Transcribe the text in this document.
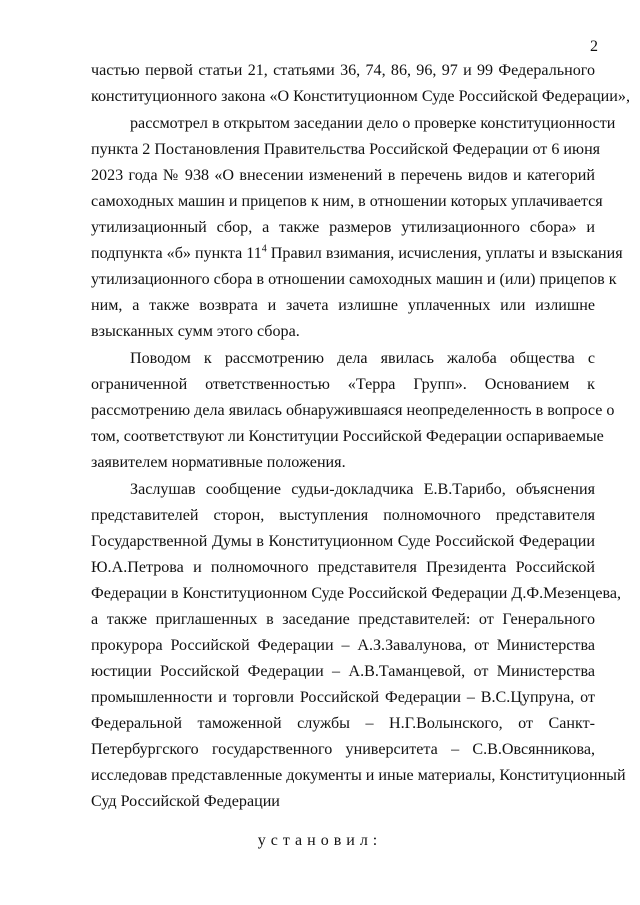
2
частью первой статьи 21, статьями 36, 74, 86, 96, 97 и 99 Федерального
конституционного закона «О Конституционном Суде Российской Федерации»,
рассмотрел в открытом заседании дело о проверке конституционности
пункта 2 Постановления Правительства Российской Федерации от 6 июня
2023 года № 938 «О внесении изменений в перечень видов и категорий
самоходных машин и прицепов к ним, в отношении которых уплачивается
утилизационный сбор, а также размеров утилизационного сбора» и
подпункта «б» пункта $11^4$ Правил взимания, исчисления, уплаты и взыскания
утилизационного сбора в отношении самоходных машин и (или) прицепов к
ним, а также возврата и зачета излишне уплаченных или излишне
взысканных сумм этого сбора.
Поводом к рассмотрению дела явилась жалоба общества с
ограниченной ответственностью «Терра Групп». Основанием к
рассмотрению дела явилась обнаружившаяся неопределенность в вопросе о
том, соответствуют ли Конституции Российской Федерации оспариваемые
заявителем нормативные положения.
Заслушав сообщение судьи-докладчика Е.В.Тарибо, объяснения
представителей сторон, выступления полномочного представителя
Государственной Думы в Конституционном Суде Российской Федерации
Ю.А.Петрова и полномочного представителя Президента Российской
Федерации в Конституционном Суде Российской Федерации Д.Ф.Мезенцева,
а также приглашенных в заседание представителей: от Генерального
прокурора Российской Федерации – А.З.Завалунова, от Министерства
юстиции Российской Федерации – А.В.Таманцевой, от Министерства
промышленности и торговли Российской Федерации – В.С.Цупруна, от
Федеральной таможенной службы – Н.Г.Волынского, от Санкт-
Петербургского государственного университета – С.В.Овсянникова,
исследовав представленные документы и иные материалы, Конституционный
Суд Российской Федерации
установил:
